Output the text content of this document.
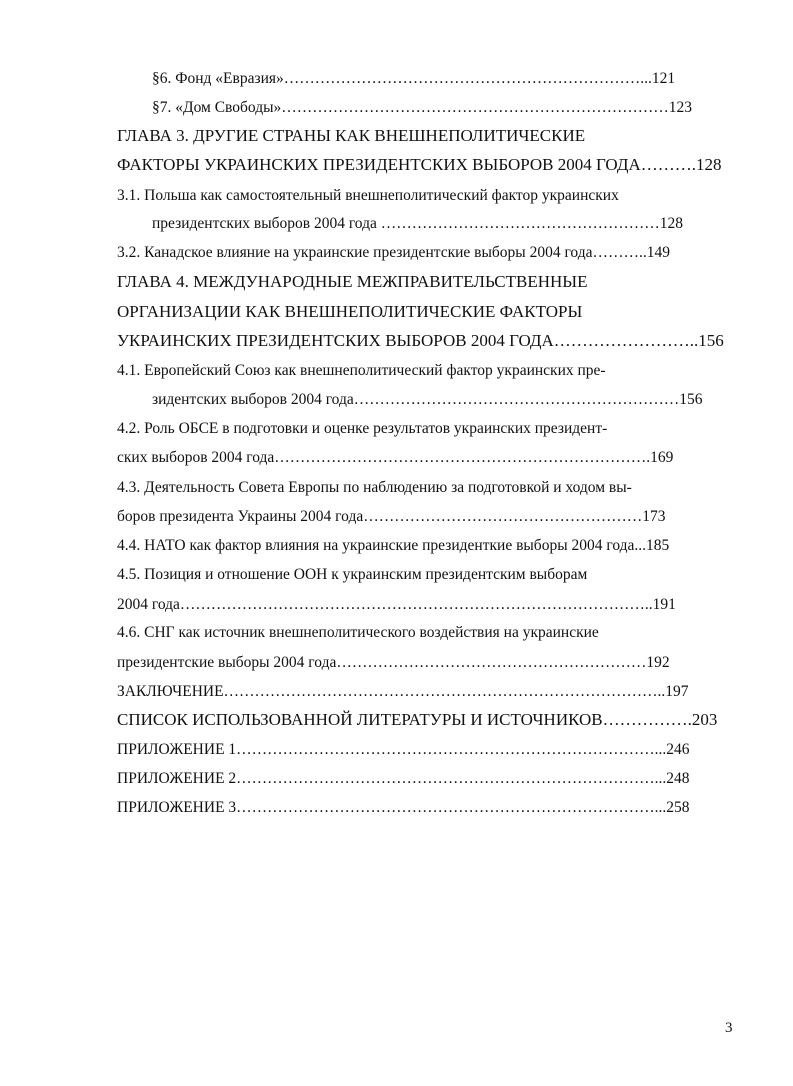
§6. Фонд «Евразия»……………………………………………………………...121
§7. «Дом Свободы»…………………………………………………………………123
ГЛАВА 3. ДРУГИЕ СТРАНЫ КАК ВНЕШНЕПОЛИТИЧЕСКИЕ
ФАКТОРЫ УКРАИНСКИХ ПРЕЗИДЕНТСКИХ ВЫБОРОВ 2004 ГОДА……….128
3.1. Польша как самостоятельный внешнеполитический фактор украинских
президентских выборов 2004 года ………………………………………………128
3.2. Канадское влияние на украинские президентские выборы 2004 года………..149
ГЛАВА 4. МЕЖДУНАРОДНЫЕ МЕЖПРАВИТЕЛЬСТВЕННЫЕ
ОРГАНИЗАЦИИ КАК ВНЕШНЕПОЛИТИЧЕСКИЕ ФАКТОРЫ
УКРАИНСКИХ ПРЕЗИДЕНТСКИХ ВЫБОРОВ 2004 ГОДА……………………..156
4.1. Европейский Союз как внешнеполитический фактор украинских пре-
зидентских выборов 2004 года………………………………………………………156
4.2. Роль ОБСЕ в подготовки и оценке результатов украинских президент-
ских выборов 2004 года……………………………………………………………….169
4.3. Деятельность Совета Европы по наблюдению за подготовкой и ходом вы-
боров президента Украины 2004 года………………………………………………173
4.4. НАТО как фактор влияния на украинские президенткие выборы 2004 года...185
4.5. Позиция и отношение ООН к украинским президентским выборам
2004 года………………………………………………………………………………..191
4.6. СНГ как источник внешнеполитического воздействия на украинские
президентские выборы 2004 года……………………………………………………192
ЗАКЛЮЧЕНИЕ…………………………………………………………………………..197
СПИСОК ИСПОЛЬЗОВАННОЙ ЛИТЕРАТУРЫ И ИСТОЧНИКОВ…………….203
ПРИЛОЖЕНИЕ 1………………………………………………………………………...246
ПРИЛОЖЕНИЕ 2………………………………………………………………………...248
ПРИЛОЖЕНИЕ 3………………………………………………………………………...258
3
